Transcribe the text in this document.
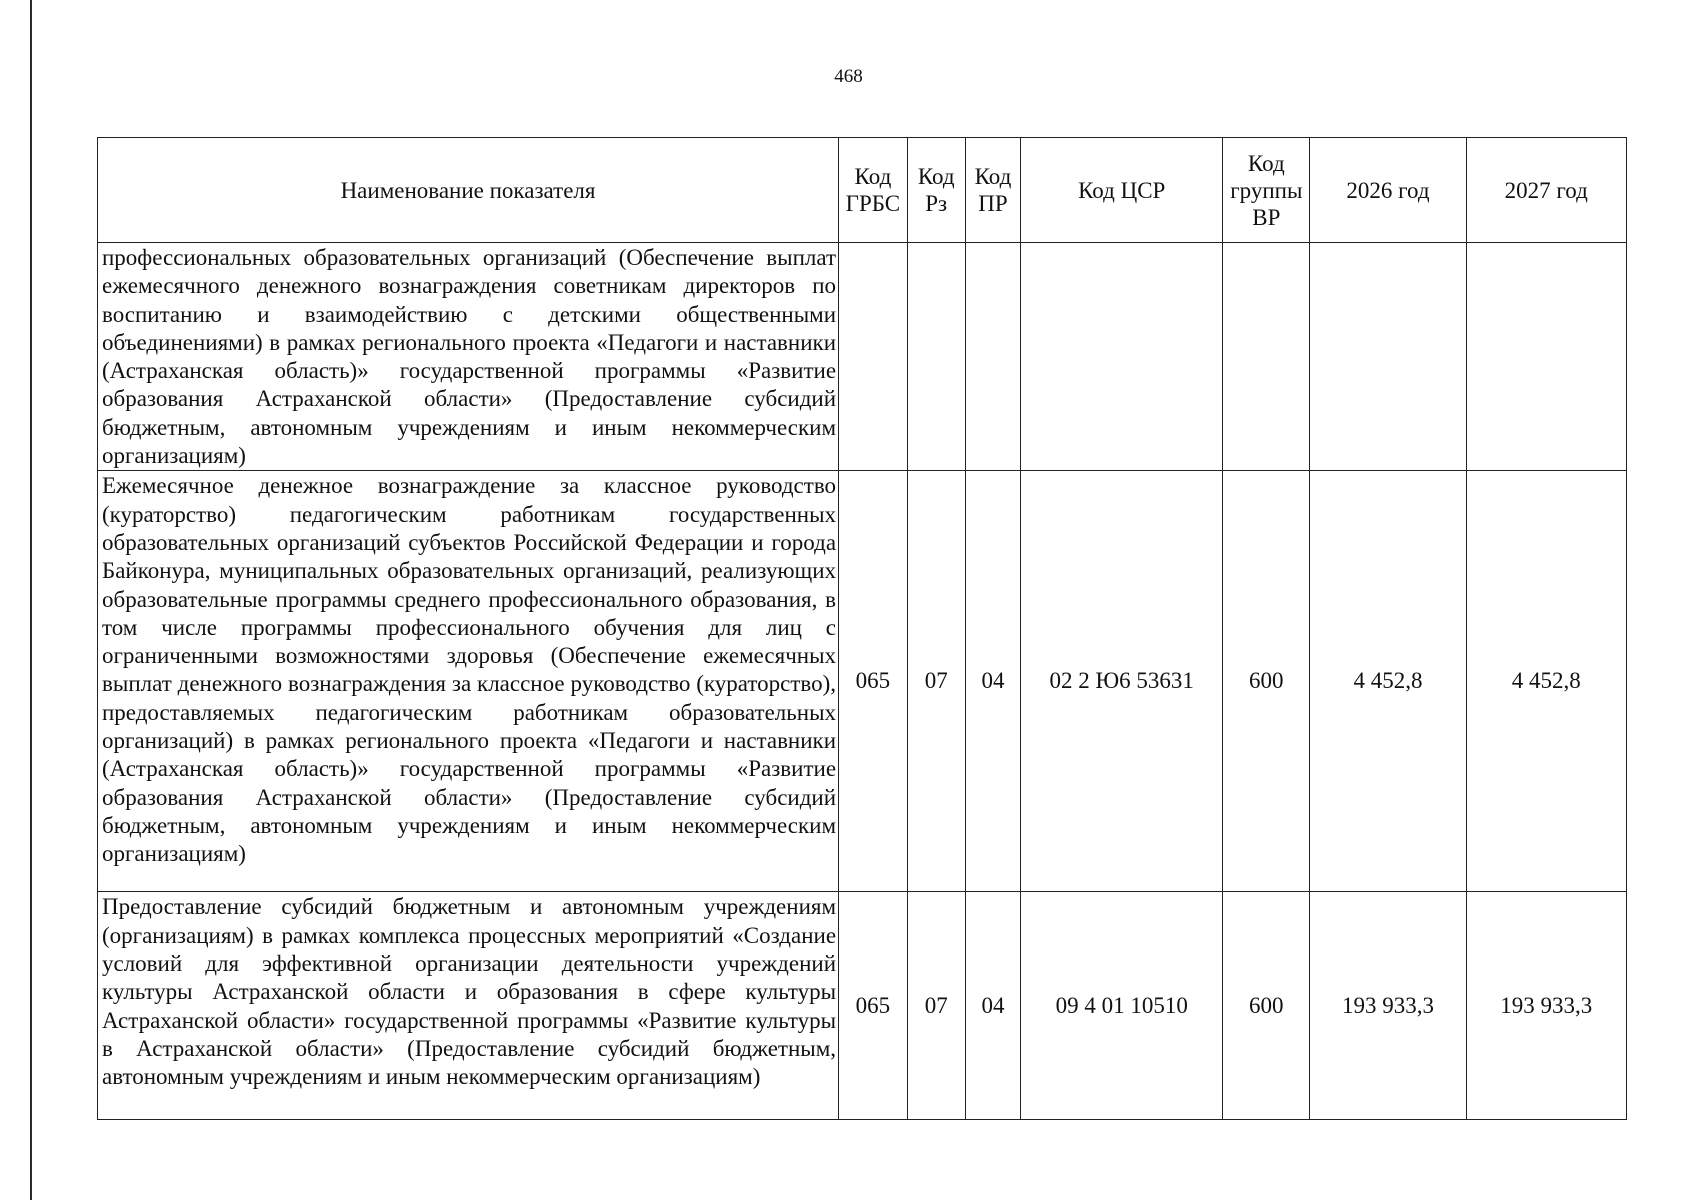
468
Наименование показателя	Код ГРБС	Код Рз	Код ПР	Код ЦСР	Код группы ВР	2026 год	2027 год
профессиональных образовательных организаций (Обеспечение выплат ежемесячного денежного вознаграждения советникам директоров по воспитанию и взаимодействию с детскими общественными объединениями) в рамках регионального проекта «Педагоги и наставники (Астраханская область)» государственной программы «Развитие образования Астраханской области» (Предоставление субсидий бюджетным, автономным учреждениям и иным некоммерческим организациям)							
Ежемесячное денежное вознаграждение за классное руководство (кураторство) педагогическим работникам государственных образовательных организаций субъектов Российской Федерации и города Байконура, муниципальных образовательных организаций, реализующих образовательные программы среднего профессионального образования, в том числе программы профессионального обучения для лиц с ограниченными возможностями здоровья (Обеспечение ежемесячных выплат денежного вознаграждения за классное руководство (кураторство), предоставляемых педагогическим работникам образовательных организаций) в рамках регионального проекта «Педагоги и наставники (Астраханская область)» государственной программы «Развитие образования Астраханской области» (Предоставление субсидий бюджетным, автономным учреждениям и иным некоммерческим организациям)	065	07	04	02 2 Ю6 53631	600	4 452,8	4 452,8
Предоставление субсидий бюджетным и автономным учреждениям (организациям) в рамках комплекса процессных мероприятий «Создание условий для эффективной организации деятельности учреждений культуры Астраханской области и образования в сфере культуры Астраханской области» государственной программы «Развитие культуры в Астраханской области» (Предоставление субсидий бюджетным, автономным учреждениям и иным некоммерческим организациям)	065	07	04	09 4 01 10510	600	193 933,3	193 933,3
